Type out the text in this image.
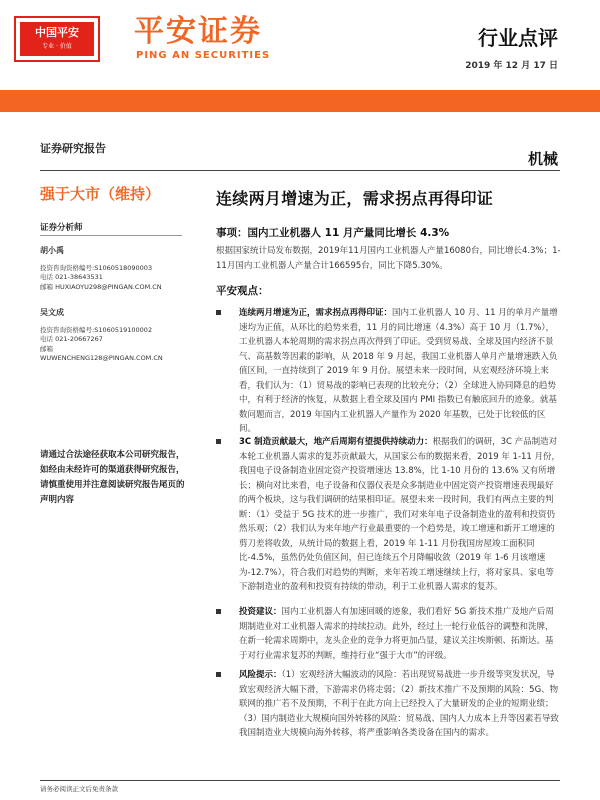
中国平安
专业 · 价值	平安证券
PING AN SECURITIES
行业点评
2019 年 12 月 17 日
证券研究报告
机械
强于大市（维持）
证券分析师
胡小禹
投资咨询资格编号:S1060518090003
电话 021-38643531
邮箱 HUXIAOYU298@PINGAN.COM.CN
吴文成
投资咨询资格编号:S1060519100002
电话 021-20667267
邮箱
WUWENCHENG128@PINGAN.COM.CN
请通过合法途径获取本公司研究报告，如经由未经许可的渠道获得研究报告，请慎重使用并注意阅读研究报告尾页的声明内容
连续两月增速为正，需求拐点再得印证
事项：国内工业机器人 11 月产量同比增长 4.3%
根据国家统计局发布数据，2019年11月国内工业机器人产量16080台，同比增长4.3%；1-11月国内工业机器人产量合计166595台，同比下降5.30%。
平安观点：
连续两月增速为正，需求拐点再得印证：国内工业机器人 10 月、11 月的单月产量增速均为正值，从环比的趋势来看，11 月的同比增速（4.3%）高于 10 月（1.7%），工业机器人本轮周期的需求拐点再次得到了印证。受到贸易战、全球及国内经济不景气、高基数等因素的影响，从 2018 年 9 月起，我国工业机器人单月产量增速跌入负值区间，一直持续到了 2019 年 9 月份。展望未来一段时间，从宏观经济环境上来看，我们认为：（1）贸易战的影响已表现的比较充分；（2）全球进入协同降息的趋势中，有利于经济的恢复，从数据上看全球及国内 PMI 指数已有触底回升的迹象。就基数问题而言，2019 年国内工业机器人产量作为 2020 年基数，已处于比较低的区间。
3C 制造贡献最大，地产后周期有望提供持续动力：根据我们的调研，3C 产品制造对本轮工业机器人需求的复苏贡献最大，从国家公布的数据来看，2019 年 1-11 月份，我国电子设备制造业固定资产投资增速达 13.8%，比 1-10 月份的 13.6% 又有所增长；横向对比来看，电子设备和仪器仪表是众多制造业中固定资产投资增速表现最好的两个板块，这与我们调研的结果相印证。展望未来一段时间，我们有两点主要的判断：（1）受益于 5G 技术的进一步推广，我们对来年电子设备制造业的盈利和投资仍然乐观；（2）我们认为来年地产行业最重要的一个趋势是，竣工增速和新开工增速的剪刀差将收敛，从统计局的数据上看，2019 年 1-11 月份我国房屋竣工面积同比-4.5%，虽然仍处负值区间，但已连续五个月降幅收敛（2019 年 1-6 月该增速为-12.7%），符合我们对趋势的判断，来年若竣工增速继续上行，将对家具、家电等下游制造业的盈利和投资有持续的带动，利于工业机器人需求的复苏。
投资建议：国内工业机器人有加速回暖的迹象，我们看好 5G 新技术推广及地产后周期制造业对工业机器人需求的持续拉动。此外，经过上一轮行业低谷的调整和洗牌，在新一轮需求周期中，龙头企业的竞争力将更加凸显，建议关注埃斯顿、拓斯达。基于对行业需求复苏的判断，维持行业“强于大市”的评级。
风险提示：（1）宏观经济大幅波动的风险：若出现贸易战进一步升级等突发状况，导致宏观经济大幅下滑，下游需求仍将走弱；（2）新技术推广不及预期的风险：5G、物联网的推广若不及预期，不利于在此方向上已经投入了大量研发的企业的短期业绩；（3）国内制造业大规模向国外转移的风险：贸易战、国内人力成本上升等因素若导致我国制造业大规模向海外转移，将严重影响各类设备在国内的需求。
请务必阅读正文后免责条款
